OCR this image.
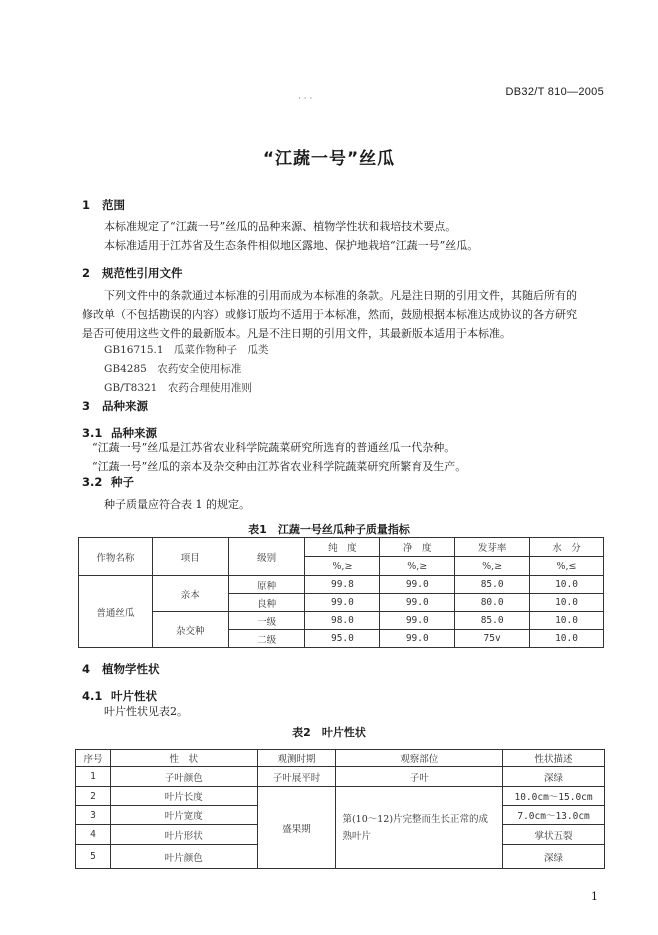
DB32/T 810—2005
· · ·
“江蔬一号”丝瓜
1 范围
本标准规定了“江蔬一号”丝瓜的品种来源、植物学性状和栽培技术要点。
本标准适用于江苏省及生态条件相似地区露地、保护地栽培“江蔬一号”丝瓜。
2 规范性引用文件
下列文件中的条款通过本标准的引用而成为本标准的条款。凡是注日期的引用文件，其随后所有的
修改单（不包括勘误的内容）或修订版均不适用于本标准，然而，鼓励根据本标准达成协议的各方研究
是否可使用这些文件的最新版本。凡是不注日期的引用文件，其最新版本适用于本标准。
GB16715.1　瓜菜作物种子　瓜类
GB4285　农药安全使用标准
GB/T8321　农药合理使用准则
3 品种来源
3.1 品种来源
“江蔬一号”丝瓜是江苏省农业科学院蔬菜研究所选育的普通丝瓜一代杂种。
“江蔬一号”丝瓜的亲本及杂交种由江苏省农业科学院蔬菜研究所繁育及生产。
3.2 种子
种子质量应符合表 1 的规定。
表1　江蔬一号丝瓜种子质量指标
作物名称	项目	级别	纯　度	净　度	发芽率	水　分
			%,≥	%,≥	%,≥	%,≤
普通丝瓜	亲本	原种	99.8	99.0	85.0	10.0
		良种	99.0	99.0	80.0	10.0
	杂交种	一级	98.0	99.0	85.0	10.0
		二级	95.0	99.0	75v	10.0
4 植物学性状
4.1 叶片性状
叶片性状见表2。
表2　叶片性状
序号	性　状	观测时期	观察部位	性状描述
1	子叶颜色	子叶展平时	子叶	深绿
2	叶片长度	盛果期	第(10～12)片完整而生长正常的成熟叶片	10.0cm～15.0cm
3	叶片宽度			7.0cm～13.0cm
4	叶片形状			掌状五裂
5	叶片颜色			深绿
1
